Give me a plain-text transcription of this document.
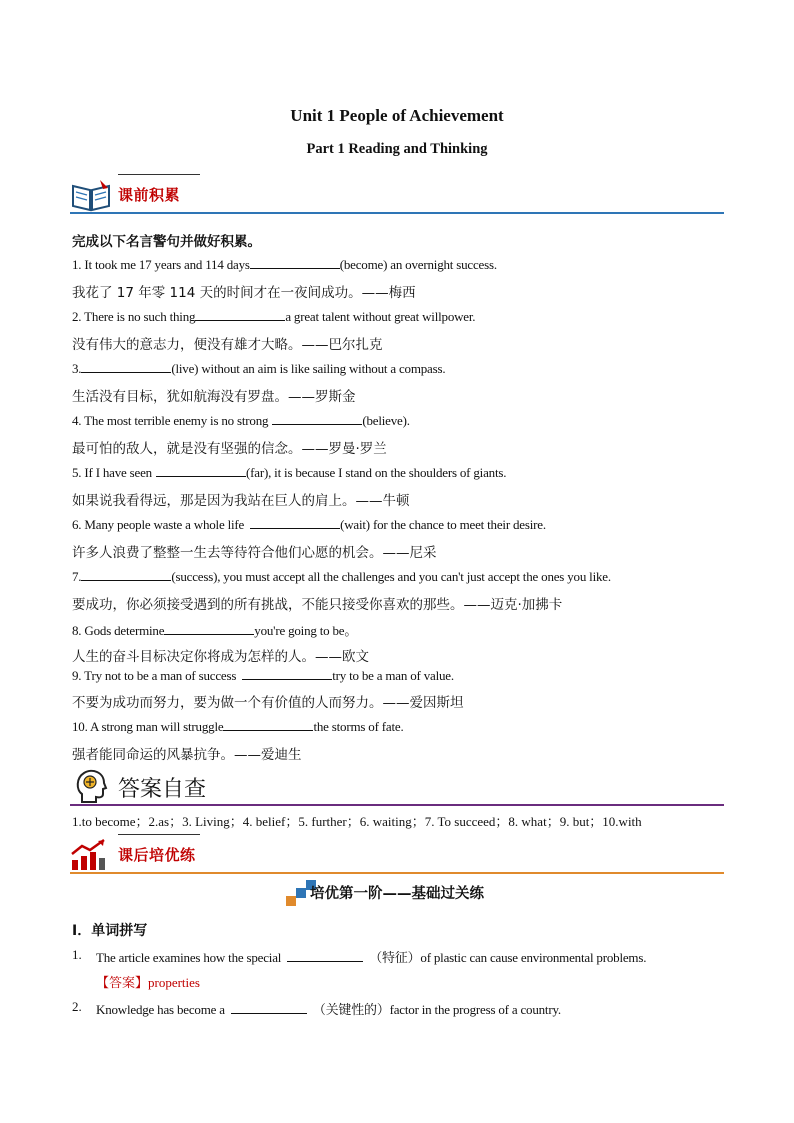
Unit 1 People of Achievement
Part 1 Reading and Thinking
课前积累
完成以下名言警句并做好积累。
1. It took me 17 years and 114 days	(become) an overnight success.
我花了 17 年零 114 天的时间才在一夜间成功。——梅西
2. There is no such thing	a great talent without great willpower.
没有伟大的意志力，便没有雄才大略。——巴尔扎克
3.	(live) without an aim is like sailing without a compass.
生活没有目标，犹如航海没有罗盘。——罗斯金
4. The most terrible enemy is no strong	(believe).
最可怕的敌人，就是没有坚强的信念。——罗曼·罗兰
5. If I have seen	(far), it is because I stand on the shoulders of giants.
如果说我看得远，那是因为我站在巨人的肩上。——牛顿
6. Many people waste a whole life	(wait) for the chance to meet their desire.
许多人浪费了整整一生去等待符合他们心愿的机会。——尼采
7.	(success), you must accept all the challenges and you can't just accept the ones you like.
要成功，你必须接受遇到的所有挑战，不能只接受你喜欢的那些。——迈克·加拂卡
8. Gods determine	you're going to be。
人生的奋斗目标决定你将成为怎样的人。——欧文
9. Try not to be a man of success	try to be a man of value.
不要为成功而努力，要为做一个有价值的人而努力。——爱因斯坦
10. A strong man will struggle	the storms of fate.
强者能同命运的风暴抗争。——爱迪生
答案自查
1.to become；2.as；3. Living；4. belief；5. further；6. waiting；7. To succeed；8. what；9. but；10.with
课后培优练
培优第一阶——基础过关练
I．单词拼写
1. The article examines how the special	（特征）of plastic can cause environmental problems.
【答案】properties
2. Knowledge has become a	（关键性的）factor in the progress of a country.
